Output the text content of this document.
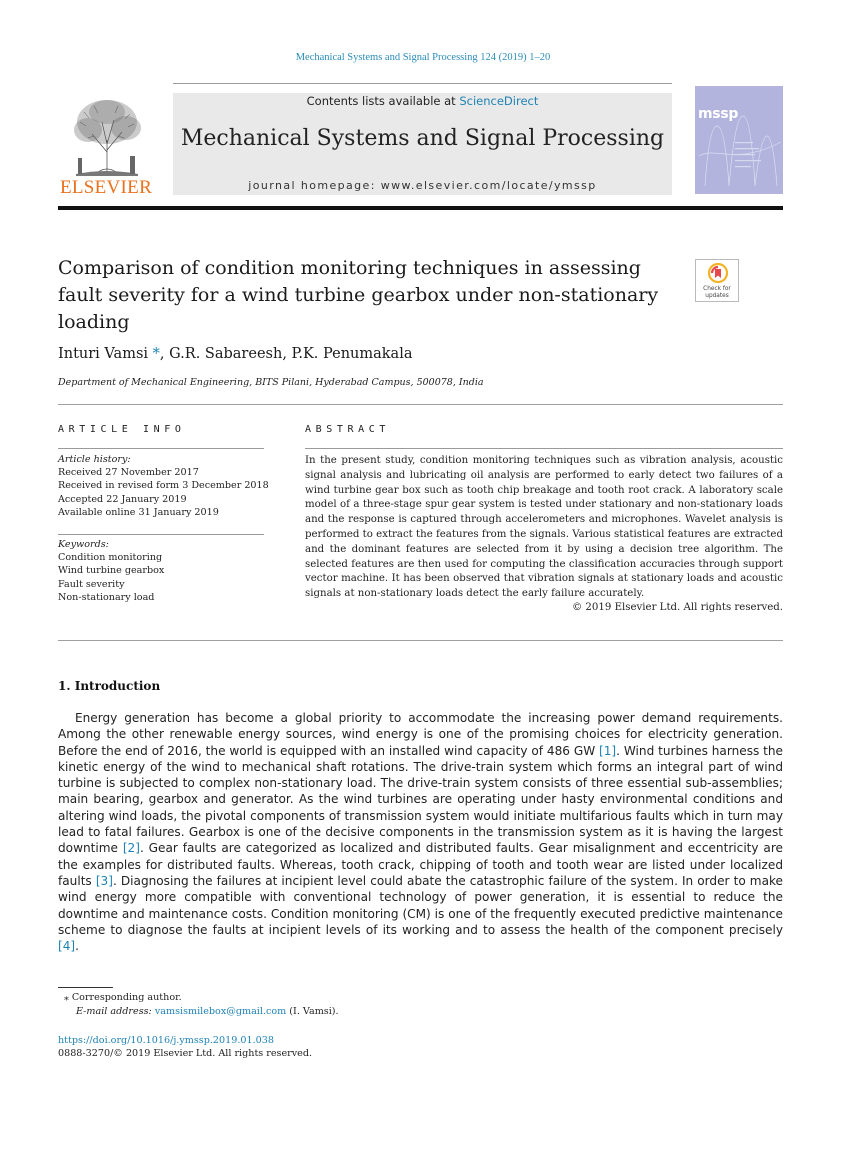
Mechanical Systems and Signal Processing 124 (2019) 1–20
ELSEVIER
Contents lists available at ScienceDirect
Mechanical Systems and Signal Processing
journal homepage: www.elsevier.com/locate/ymssp
mssp
Comparison of condition monitoring techniques in assessing fault severity for a wind turbine gearbox under non-stationary loading
Check for
updates
Inturi Vamsi *, G.R. Sabareesh, P.K. Penumakala
Department of Mechanical Engineering, BITS Pilani, Hyderabad Campus, 500078, India
ARTICLE INFO	ABSTRACT
Article history:
Received 27 November 2017
Received in revised form 3 December 2018
Accepted 22 January 2019
Available online 31 January 2019
Keywords:
Condition monitoring
Wind turbine gearbox
Fault severity
Non-stationary load

In the present study, condition monitoring techniques such as vibration analysis, acoustic signal analysis and lubricating oil analysis are performed to early detect two failures of a wind turbine gear box such as tooth chip breakage and tooth root crack. A laboratory scale model of a three-stage spur gear system is tested under stationary and non-stationary loads and the response is captured through accelerometers and microphones. Wavelet analysis is performed to extract the features from the signals. Various statistical features are extracted and the dominant features are selected from it by using a decision tree algorithm. The selected features are then used for computing the classification accuracies through support vector machine. It has been observed that vibration signals at stationary loads and acoustic signals at non-stationary loads detect the early failure accurately.

© 2019 Elsevier Ltd. All rights reserved.
1. Introduction

Energy generation has become a global priority to accommodate the increasing power demand requirements. Among the other renewable energy sources, wind energy is one of the promising choices for electricity generation. Before the end of 2016, the world is equipped with an installed wind capacity of 486 GW [1]. Wind turbines harness the kinetic energy of the wind to mechanical shaft rotations. The drive-train system which forms an integral part of wind turbine is subjected to complex non-stationary load. The drive-train system consists of three essential sub-assemblies; main bearing, gearbox and generator. As the wind turbines are operating under hasty environmental conditions and altering wind loads, the pivotal components of transmission system would initiate multifarious faults which in turn may lead to fatal failures. Gearbox is one of the decisive components in the transmission system as it is having the largest downtime [2]. Gear faults are categorized as localized and distributed faults. Gear misalignment and eccentricity are the examples for distributed faults. Whereas, tooth crack, chipping of tooth and tooth wear are listed under localized faults [3]. Diagnosing the failures at incipient level could abate the catastrophic failure of the system. In order to make wind energy more compatible with conventional technology of power generation, it is essential to reduce the downtime and maintenance costs. Condition monitoring (CM) is one of the frequently executed predictive maintenance scheme to diagnose the faults at incipient levels of its working and to assess the health of the component precisely [4].

⁎ Corresponding author.
E-mail address: vamsismilebox@gmail.com (I. Vamsi).
https://doi.org/10.1016/j.ymssp.2019.01.038
0888-3270/© 2019 Elsevier Ltd. All rights reserved.
